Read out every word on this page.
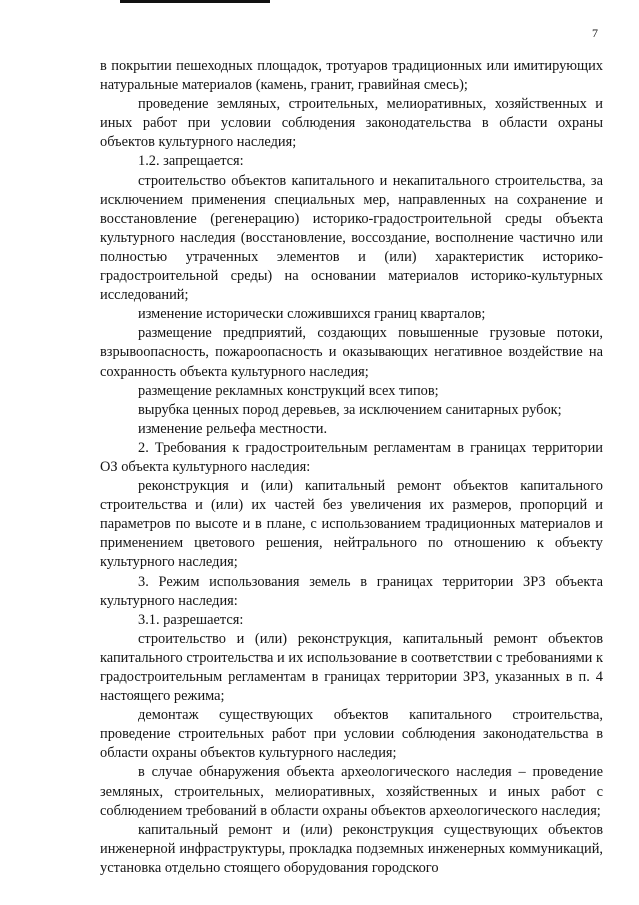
7

в покрытии пешеходных площадок, тротуаров традиционных или имитирующих натуральные материалов (камень, гранит, гравийная смесь);

проведение земляных, строительных, мелиоративных, хозяйственных и иных работ при условии соблюдения законодательства в области охраны объектов культурного наследия;

1.2. запрещается:

строительство объектов капитального и некапитального строительства, за исключением применения специальных мер, направленных на сохранение и восстановление (регенерацию) историко-градостроительной среды объекта культурного наследия (восстановление, воссоздание, восполнение частично или полностью утраченных элементов и (или) характеристик историко-градостроительной среды) на основании материалов историко-культурных исследований;

изменение исторически сложившихся границ кварталов;

размещение предприятий, создающих повышенные грузовые потоки, взрывоопасность, пожароопасность и оказывающих негативное воздействие на сохранность объекта культурного наследия;

размещение рекламных конструкций всех типов;

вырубка ценных пород деревьев, за исключением санитарных рубок;

изменение рельефа местности.

2. Требования к градостроительным регламентам в границах территории ОЗ объекта культурного наследия:

реконструкция и (или) капитальный ремонт объектов капитального строительства и (или) их частей без увеличения их размеров, пропорций и параметров по высоте и в плане, с использованием традиционных материалов и применением цветового решения, нейтрального по отношению к объекту культурного наследия;

3. Режим использования земель в границах территории ЗРЗ объекта культурного наследия:

3.1. разрешается:

строительство и (или) реконструкция, капитальный ремонт объектов капитального строительства и их использование в соответствии с требованиями к градостроительным регламентам в границах территории ЗРЗ, указанных в п. 4 настоящего режима;

демонтаж существующих объектов капитального строительства, проведение строительных работ при условии соблюдения законодательства в области охраны объектов культурного наследия;

в случае обнаружения объекта археологического наследия – проведение земляных, строительных, мелиоративных, хозяйственных и иных работ с соблюдением требований в области охраны объектов археологического наследия;

капитальный ремонт и (или) реконструкция существующих объектов инженерной инфраструктуры, прокладка подземных инженерных коммуникаций, установка отдельно стоящего оборудования городского
